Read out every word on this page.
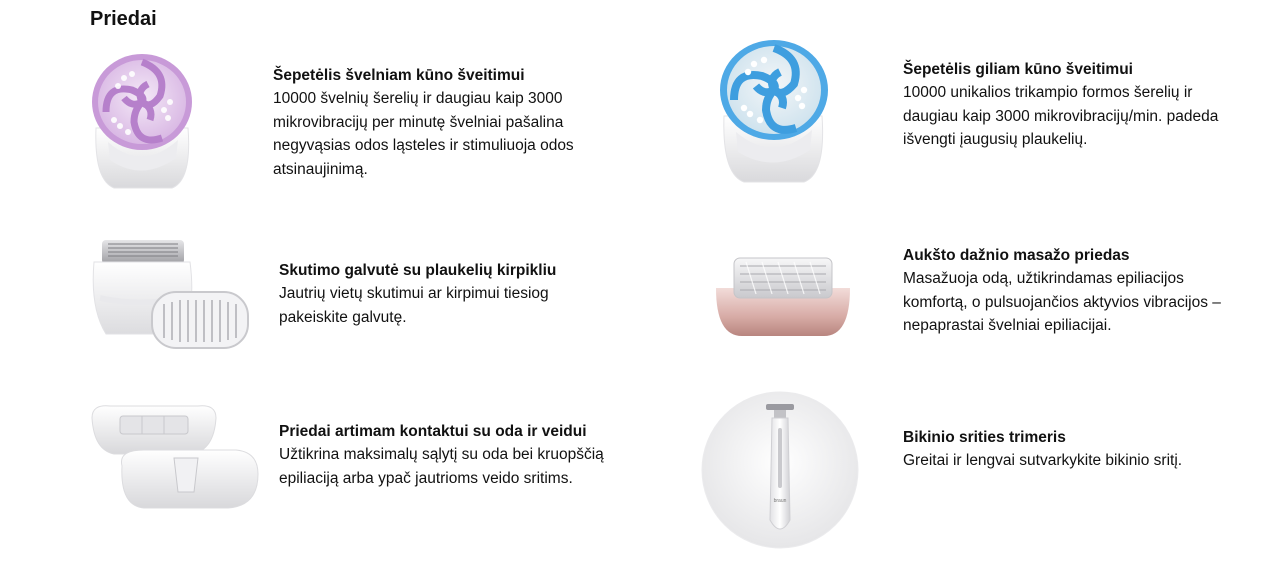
Priedai
Šepetėlis švelniam kūno šveitimui
10000 švelnių šerelių ir daugiau kaip 3000 mikrovibracijų per minutę švelniai pašalina negyvąsias odos ląsteles ir stimuliuoja odos atsinaujinimą.
Šepetėlis giliam kūno šveitimui
10000 unikalios trikampio formos šerelių ir daugiau kaip 3000 mikrovibracijų/min. padeda išvengti įaugusių plaukelių.
Skutimo galvutė su plaukelių kirpikliu
Jautrių vietų skutimui ar kirpimui tiesiog pakeiskite galvutę.
Aukšto dažnio masažo priedas
Masažuoja odą, užtikrindamas epiliacijos komfortą, o pulsuojančios aktyvios vibracijos – nepaprastai švelniai epiliacijai.
Priedai artimam kontaktui su oda ir veidui
Užtikrina maksimalų sąlytį su oda bei kruopščią epiliaciją arba ypač jautrioms veido sritims.
braun
Bikinio srities trimeris
Greitai ir lengvai sutvarkykite bikinio sritį.
